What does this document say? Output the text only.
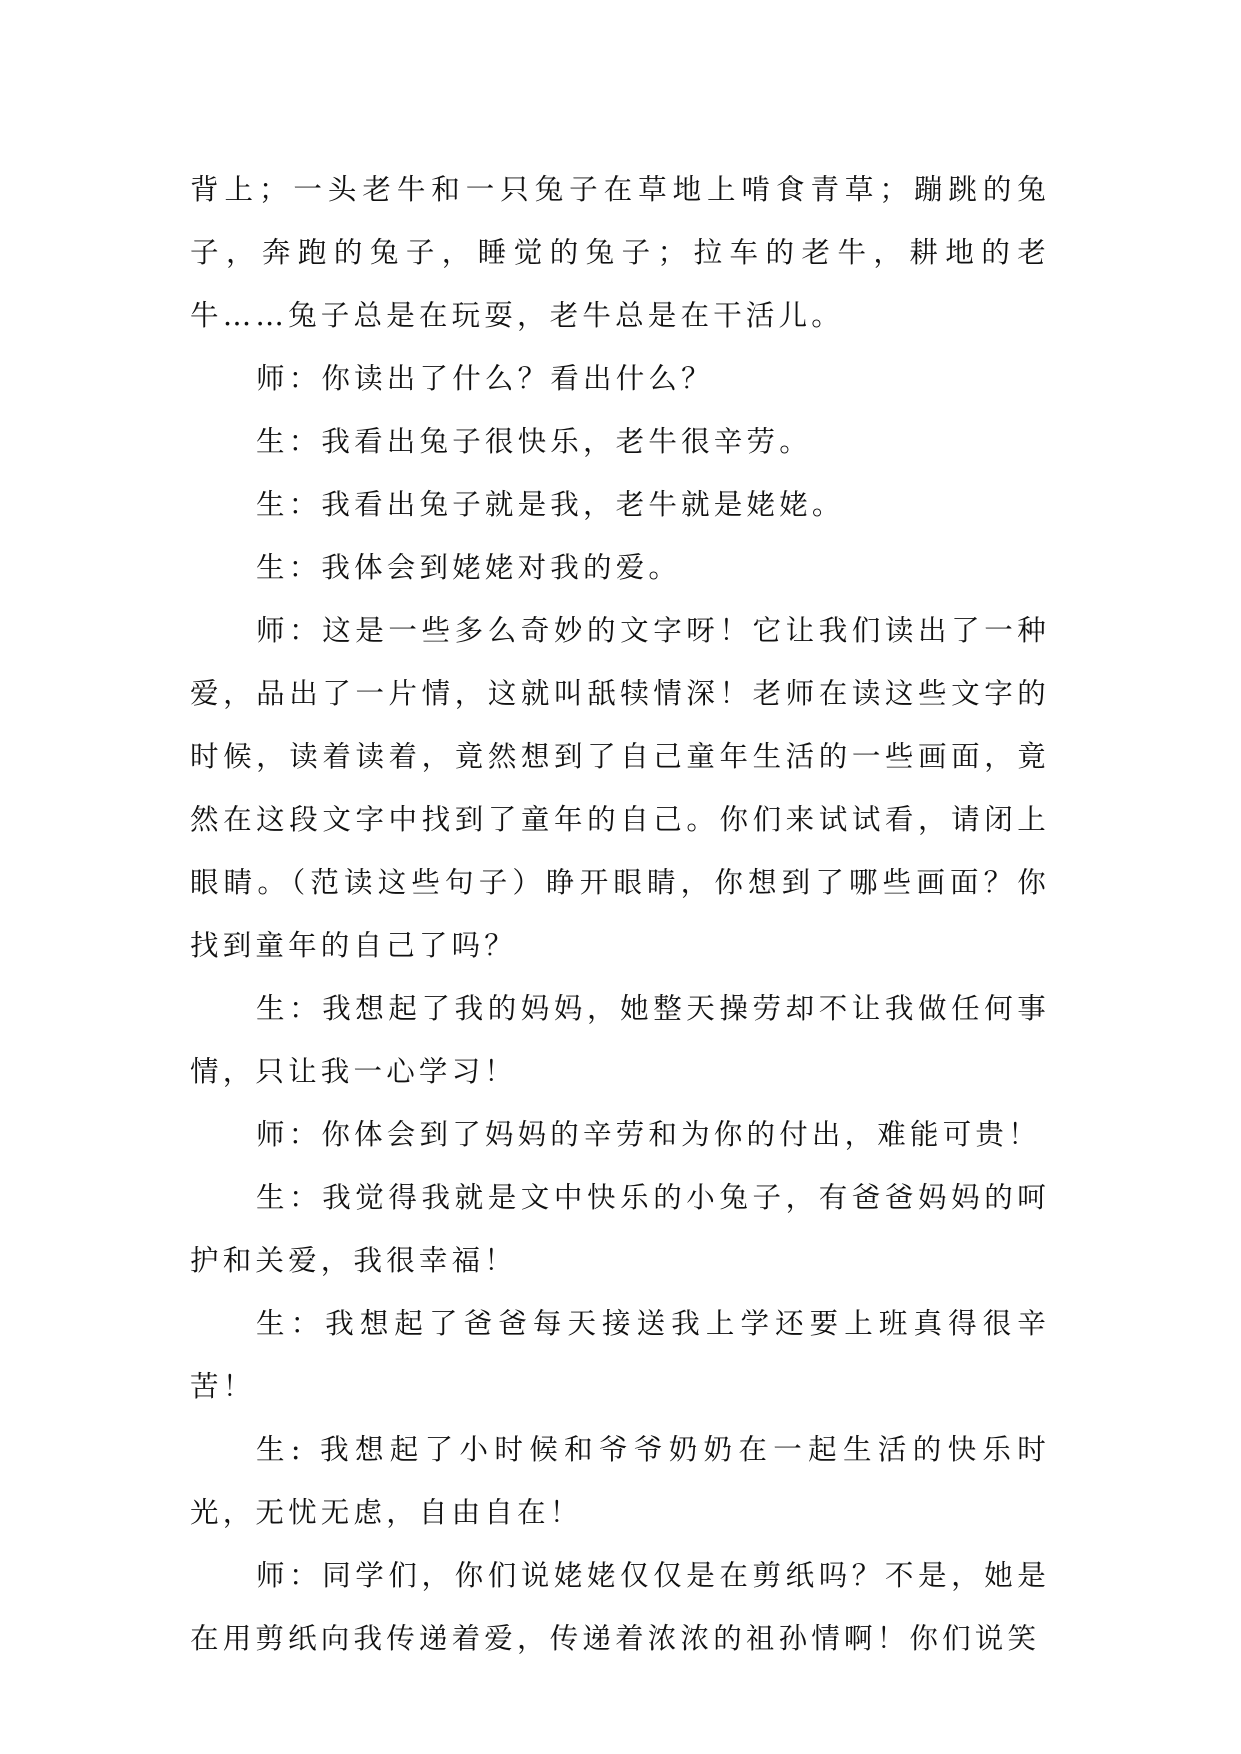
背上；一头老牛和一只兔子在草地上啃食青草；蹦跳的兔子，奔跑的兔子，睡觉的兔子；拉车的老牛，耕地的老牛……兔子总是在玩耍，老牛总是在干活儿。

师：你读出了什么？看出什么？

生：我看出兔子很快乐，老牛很辛劳。

生：我看出兔子就是我，老牛就是姥姥。

生：我体会到姥姥对我的爱。

师：这是一些多么奇妙的文字呀！它让我们读出了一种爱，品出了一片情，这就叫舐犊情深！老师在读这些文字的时候，读着读着，竟然想到了自己童年生活的一些画面，竟然在这段文字中找到了童年的自己。你们来试试看，请闭上眼睛。（范读这些句子）睁开眼睛，你想到了哪些画面？你找到童年的自己了吗？

生：我想起了我的妈妈，她整天操劳却不让我做任何事情，只让我一心学习！

师：你体会到了妈妈的辛劳和为你的付出，难能可贵！

生：我觉得我就是文中快乐的小兔子，有爸爸妈妈的呵护和关爱，我很幸福！

生：我想起了爸爸每天接送我上学还要上班真得很辛苦！

生: 我想起了小时候和爷爷奶奶在一起生活的快乐时光，无忧无虑，自由自在！

师：同学们，你们说姥姥仅仅是在剪纸吗？不是，她是在用剪纸向我传递着爱，传递着浓浓的祖孙情啊！你们说笑
